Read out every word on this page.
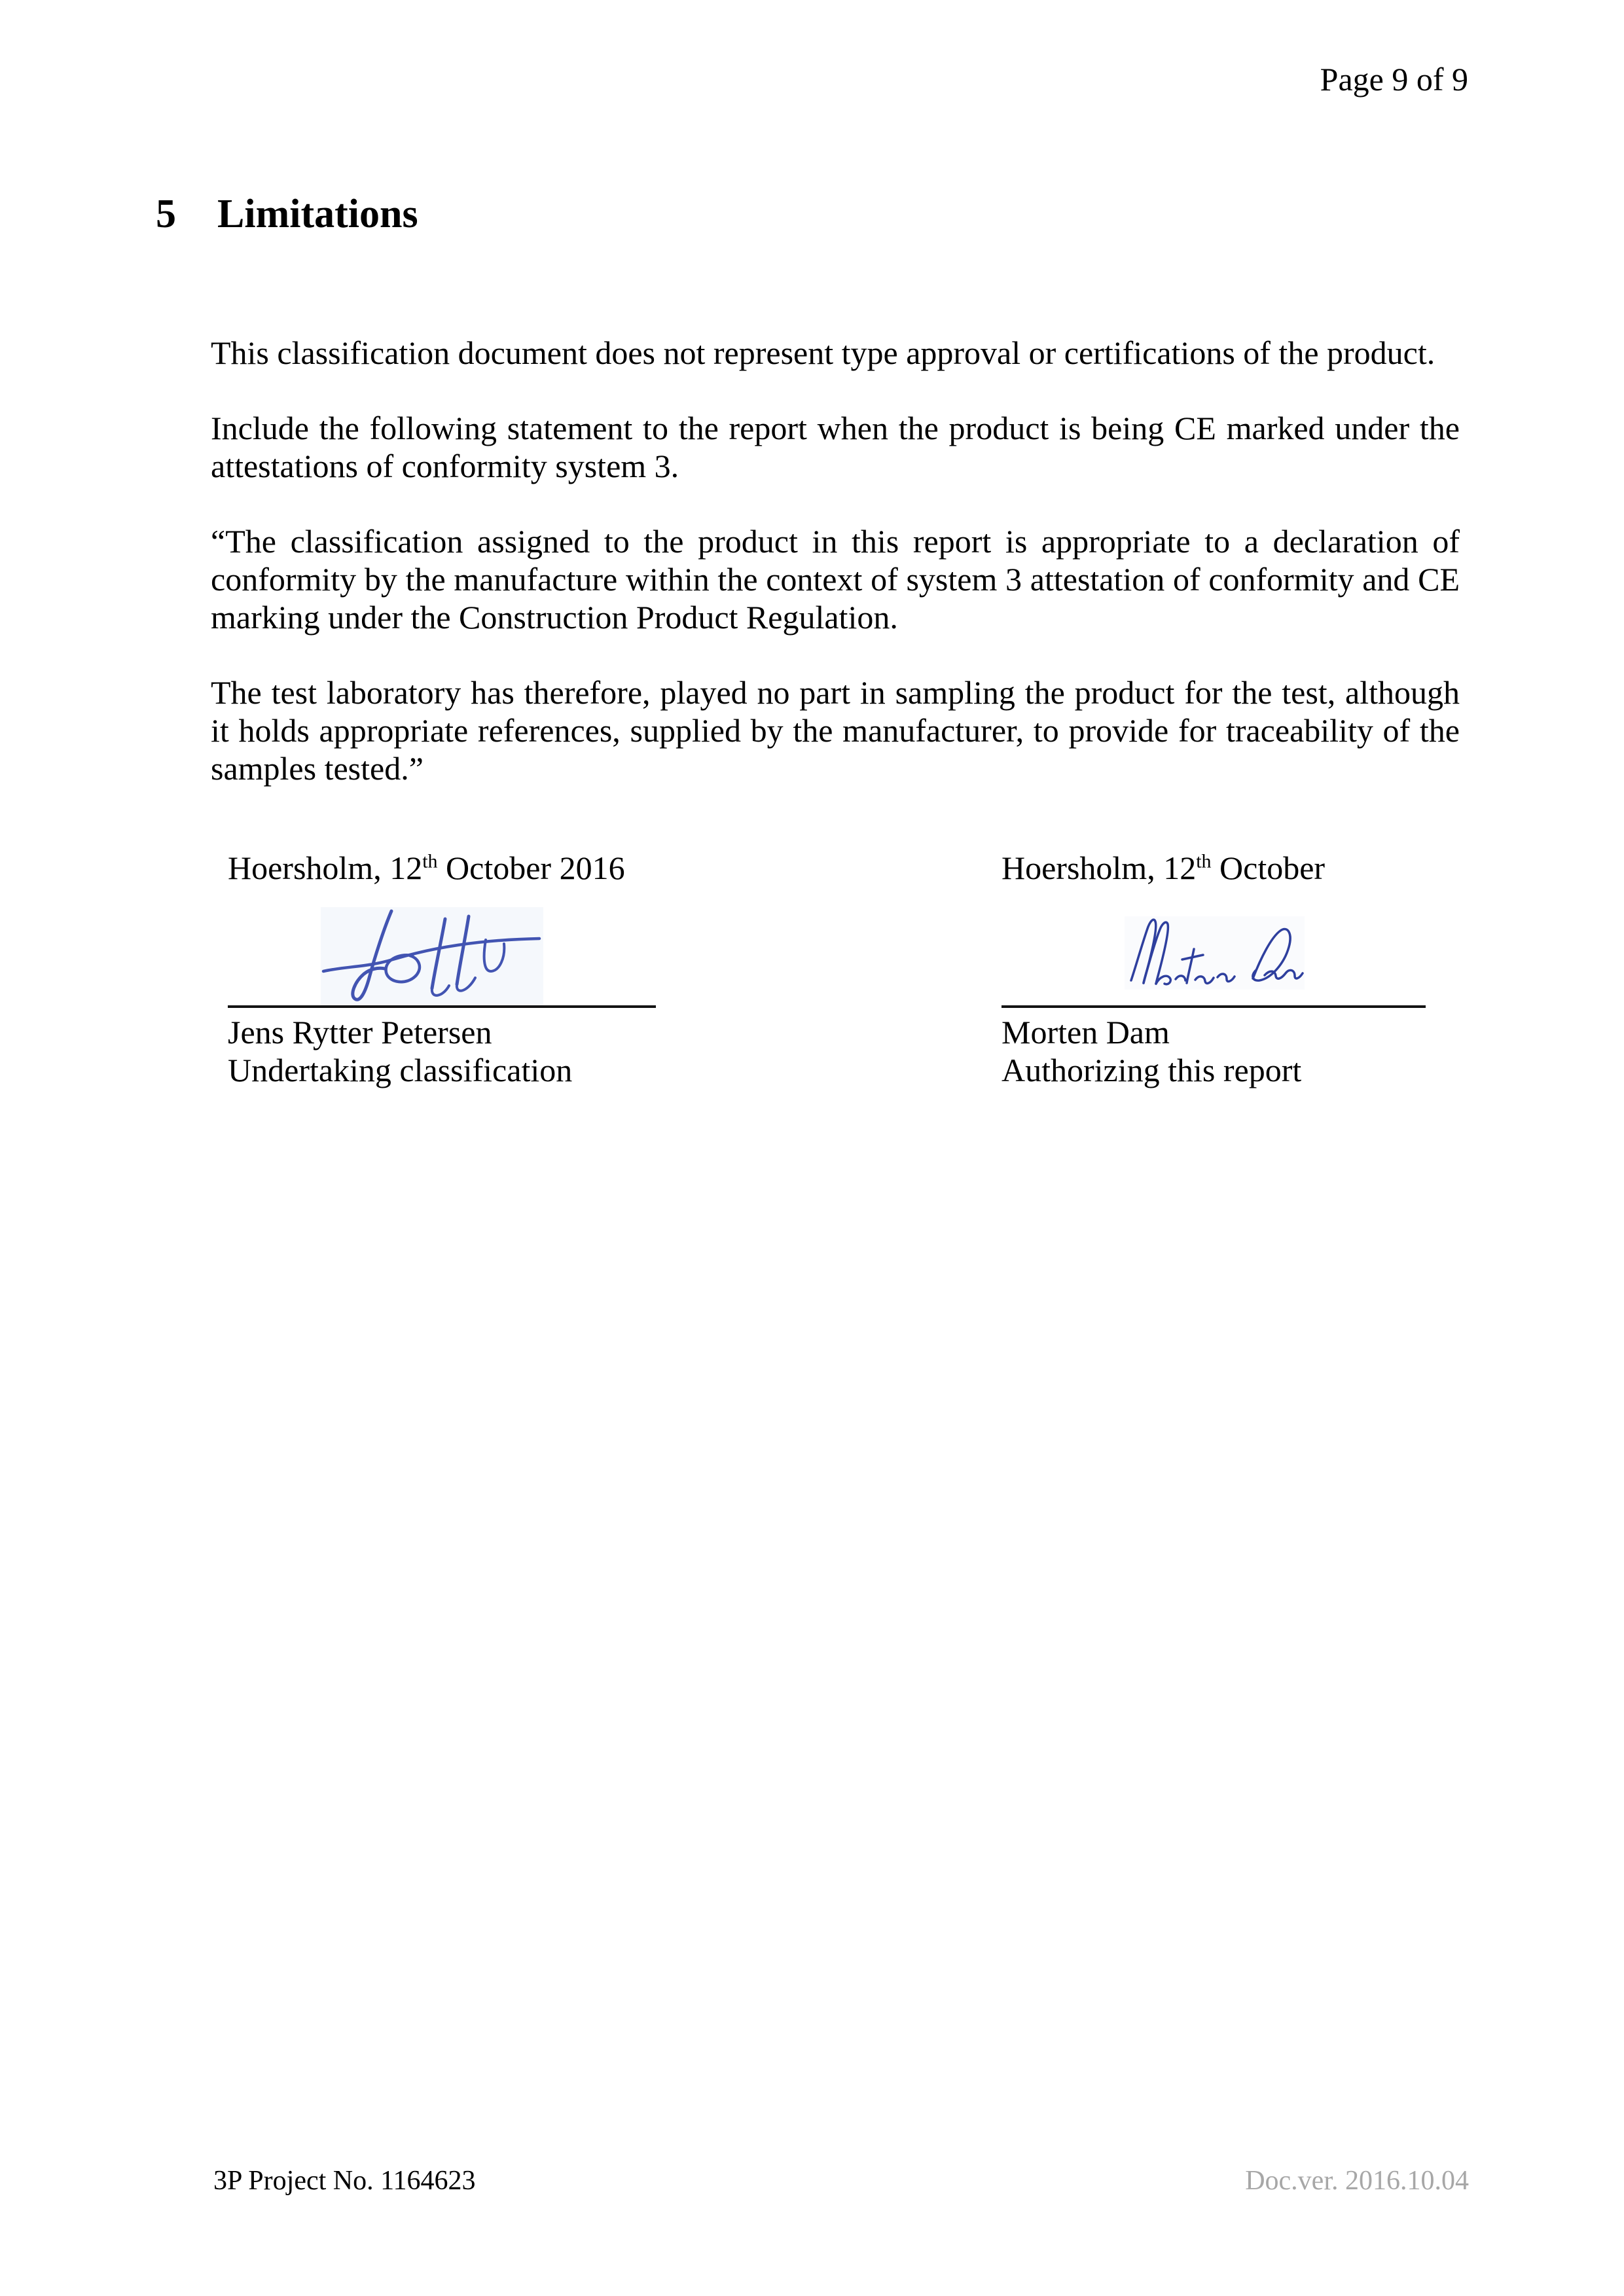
Page 9 of 9
5 Limitations

This classification document does not represent type approval or certifications of the product.

Include the following statement to the report when the product is being CE marked under the attestations of conformity system 3.

“The classification assigned to the product in this report is appropriate to a declaration of conformity by the manufacture within the context of system 3 attestation of conformity and CE marking under the Construction Product Regulation.

The test laboratory has therefore, played no part in sampling the product for the test, although it holds appropriate references, supplied by the manufacturer, to provide for traceability of the samples tested.”

Hoersholm, 12th October 2016
Jens Rytter Petersen
Undertaking classification
Hoersholm, 12th October
Morten Dam
Authorizing this report
3P Project No. 1164623	Doc.ver. 2016.10.04
